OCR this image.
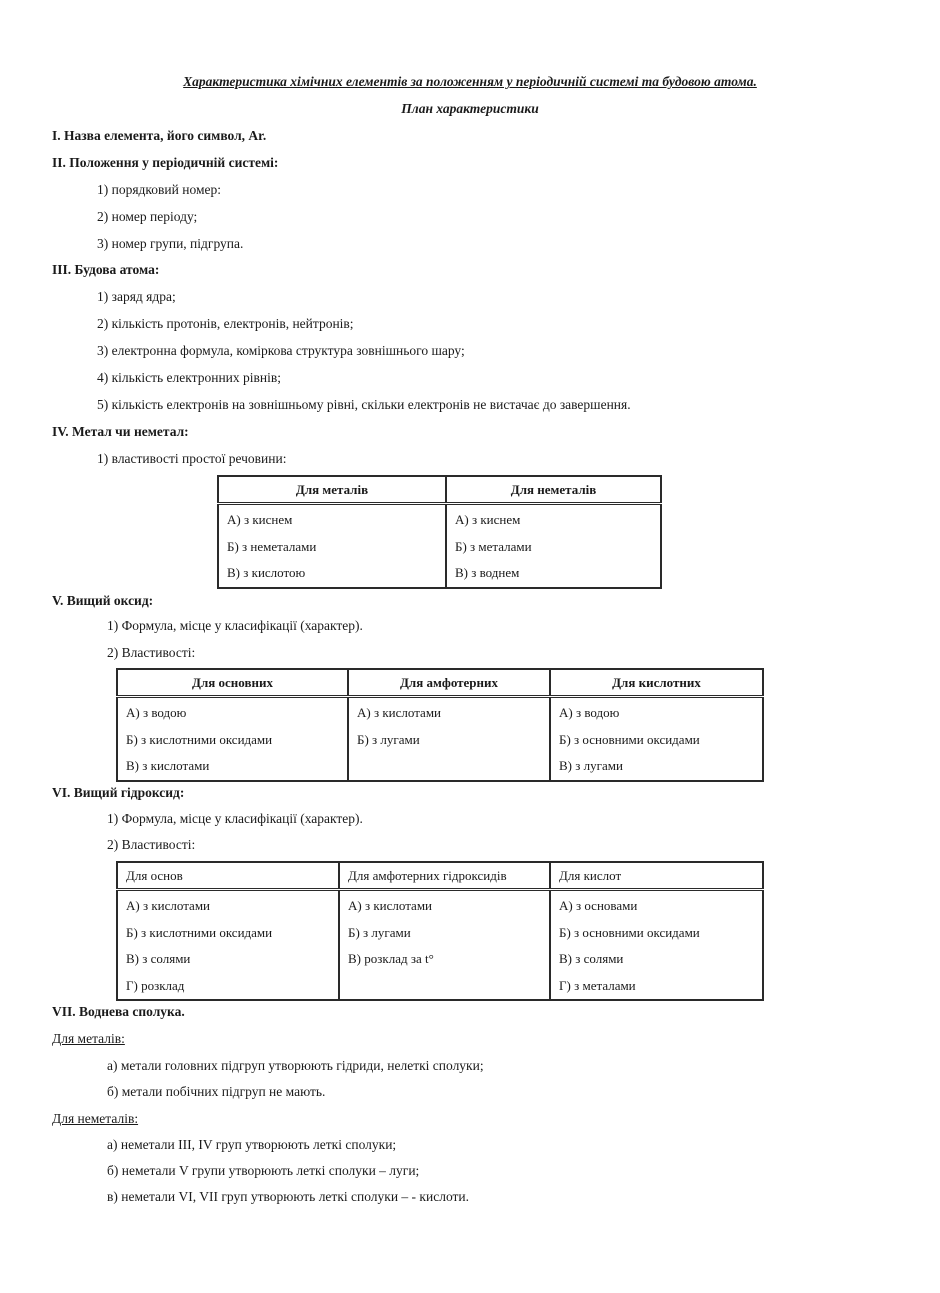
Характеристика хімічних елементів за положенням у періодичній системі та будовою атома.
План характеристики
I. Назва елемента, його символ, Ar.
II. Положення у періодичній системі:
1) порядковий номер:
2) номер періоду;
3) номер групи, підгрупа.
III. Будова атома:
1) заряд ядра;
2) кількість протонів, електронів, нейтронів;
3) електронна формула, коміркова структура зовнішнього шару;
4) кількість електронних рівнів;
5) кількість електронів на зовнішньому рівні, скільки електронів не вистачає до завершення.
IV. Метал чи неметал:
1) властивості простої речовини:
Для металів	Для неметалів
А) з киснем	А) з киснем
Б) з неметалами	Б) з металами
В) з кислотою	В) з воднем
V. Вищий оксид:
1) Формула, місце у класифікації (характер).
2) Властивості:
Для основних	Для амфотерних	Для кислотних
А) з водою	А) з кислотами	А) з водою
Б) з кислотними оксидами	Б) з лугами	Б) з основними оксидами
В) з кислотами		В) з лугами
VI. Вищий гідроксид:
1) Формула, місце у класифікації (характер).
2) Властивості:
Для основ	Для амфотерних гідроксидів	Для кислот
А) з кислотами	А) з кислотами	А) з основами
Б) з кислотними оксидами	Б) з лугами	Б) з основними оксидами
В) з солями	В) розклад за t°	В) з солями
Г) розклад		Г) з металами
VII. Воднева сполука.
Для металів:
а) метали головних підгруп утворюють гідриди, нелеткі сполуки;
б) метали побічних підгруп не мають.
Для неметалів:
а) неметали III, IV груп утворюють леткі сполуки;
б) неметали V групи утворюють леткі сполуки – луги;
в) неметали VI, VII груп утворюють леткі сполуки – - кислоти.
